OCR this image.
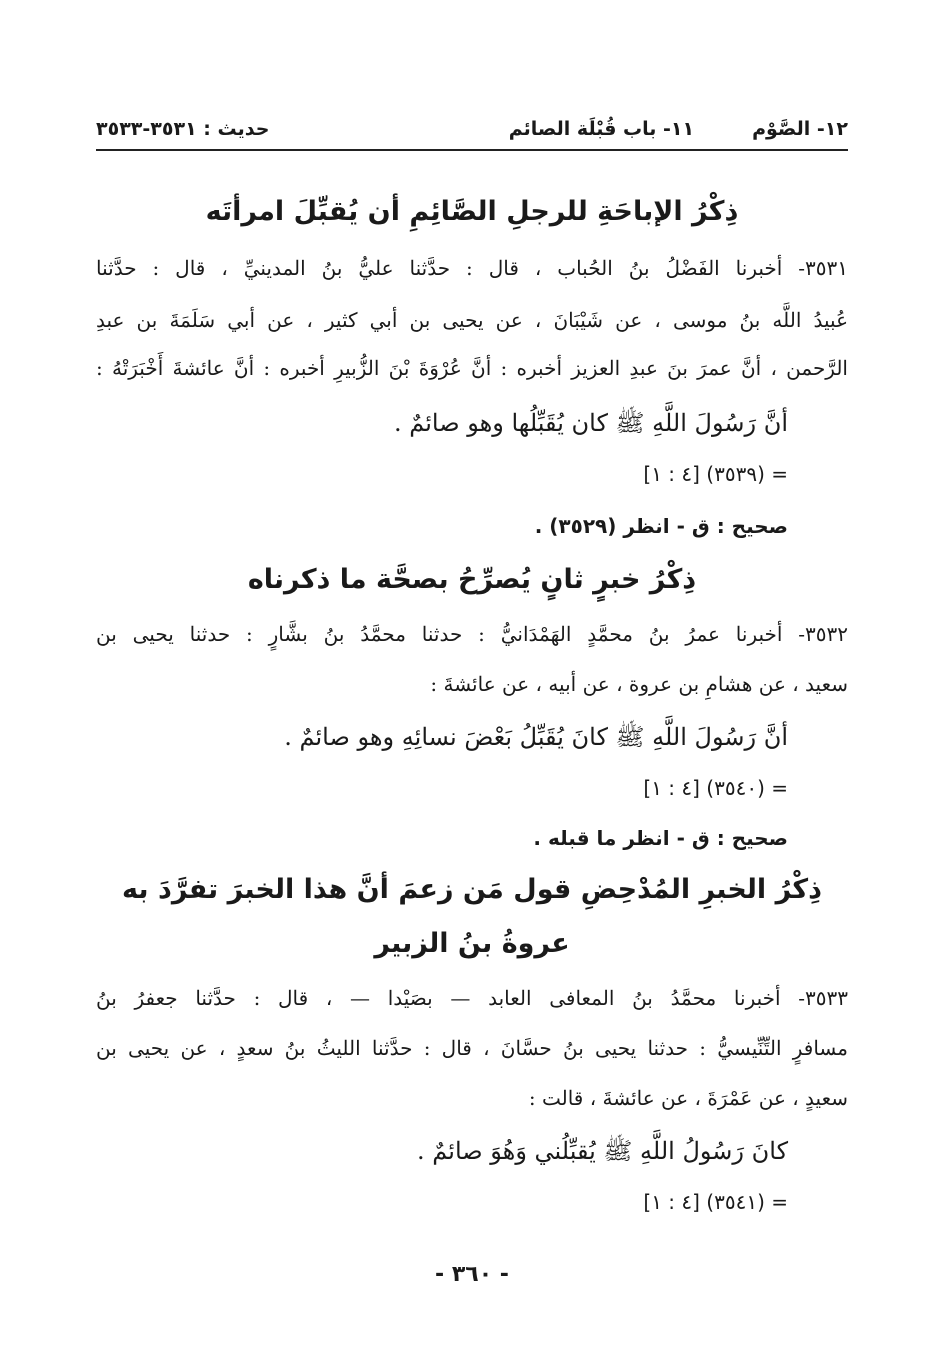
١٢- الصَّوْم
١١- باب قُبْلَة الصائم
حديث : ٣٥٣١-٣٥٣٣
ذِكْرُ الإباحَةِ للرجلِ الصَّائِمِ أن يُقبِّلَ امرأتَه
٣٥٣١- أخبرنا الفَضْلُ بنُ الحُباب ، قال : حدَّثنا عليُّ بنُ المدينيِّ ، قال : حدَّثنا
عُبيدُ اللَّه بنُ موسى ، عن شَيْبَانَ ، عن يحيى بن أبي كثير ، عن أبي سَلَمَةَ بن عبدِ
الرَّحمن ، أنَّ عمرَ بنَ عبدِ العزيز أخبره : أنَّ عُرْوَةَ بْنَ الزُّبيرِ أخبره : أنَّ عائشةَ أَخْبَرَتْهُ :
أنَّ رَسُولَ اللَّهِ ﷺ كان يُقَبِّلُها وهو صائمٌ .
= (٣٥٣٩) [٤ : ١]
صحيح : ق - انظر (٣٥٢٩) .
ذِكْرُ خبرٍ ثانٍ يُصرِّحُ بصحَّة ما ذكرناه
٣٥٣٢- أخبرنا عمرُ بنُ محمَّدٍ الهَمْدَانيُّ : حدثنا محمَّدُ بنُ بشَّارٍ : حدثنا يحيى بن
سعيد ، عن هشامِ بن عروة ، عن أبيه ، عن عائشةَ :
أنَّ رَسُولَ اللَّهِ ﷺ كانَ يُقَبِّلُ بَعْضَ نسائِهِ وهو صائمٌ .
= (٣٥٤٠) [٤ : ١]
صحيح : ق - انظر ما قبله .
ذِكْرُ الخبرِ المُدْحِضِ قول مَن زعمَ أنَّ هذا الخبرَ تفرَّدَ به
عروةُ بنُ الزبير
٣٥٣٣- أخبرنا محمَّدُ بنُ المعافى العابد — بصَيْدا — ، قال : حدَّثنا جعفرُ بنُ
مسافرٍ التِّنِّيسيُّ : حدثنا يحيى بنُ حسَّانَ ، قال : حدَّثنا الليثُ بنُ سعدٍ ، عن يحيى بن
سعيدٍ ، عن عَمْرَةَ ، عن عائشةَ ، قالت :
كانَ رَسُولُ اللَّهِ ﷺ يُقبِّلُني وَهُوَ صائمٌ .
= (٣٥٤١) [٤ : ١]
- ٣٦٠ -
